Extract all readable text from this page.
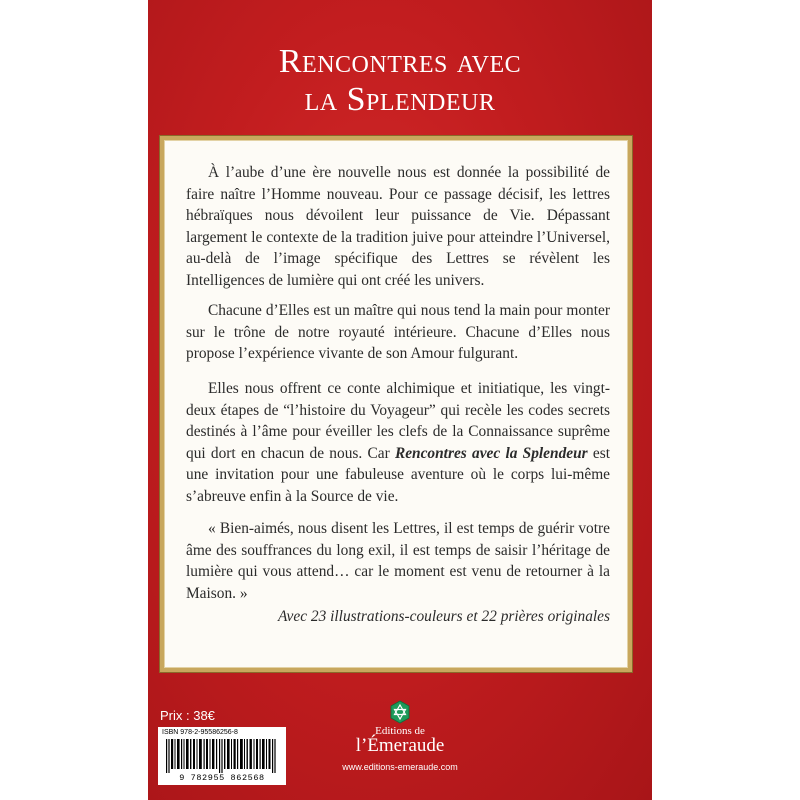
Rencontres avec
la Splendeur

À l’aube d’une ère nouvelle nous est donnée la possibilité de faire naître l’Homme nouveau. Pour ce passage décisif, les lettres hébraïques nous dévoilent leur puissance de Vie. Dépassant largement le contexte de la tradition juive pour atteindre l’Universel, au-delà de l’image spécifique des Lettres se révèlent les Intelligences de lumière qui ont créé les univers.

Chacune d’Elles est un maître qui nous tend la main pour monter sur le trône de notre royauté intérieure. Chacune d’Elles nous propose l’expérience vivante de son Amour fulgurant.

Elles nous offrent ce conte alchimique et initiatique, les vingt-deux étapes de “l’histoire du Voyageur” qui recèle les codes secrets destinés à l’âme pour éveiller les clefs de la Connaissance suprême qui dort en chacun de nous. Car Rencontres avec la Splendeur est une invitation pour une fabuleuse aventure où le corps lui-même s’abreuve enfin à la Source de vie.

« Bien-aimés, nous disent les Lettres, il est temps de guérir votre âme des souffrances du long exil, il est temps de saisir l’héritage de lumière qui vous attend… car le moment est venu de retourner à la Maison. »

Avec 23 illustrations-couleurs et 22 prières originales

Prix : 38€
ISBN 978-2-95586256-8
9 782955 862568
Editions de
l’Émeraude
www.editions-emeraude.com
